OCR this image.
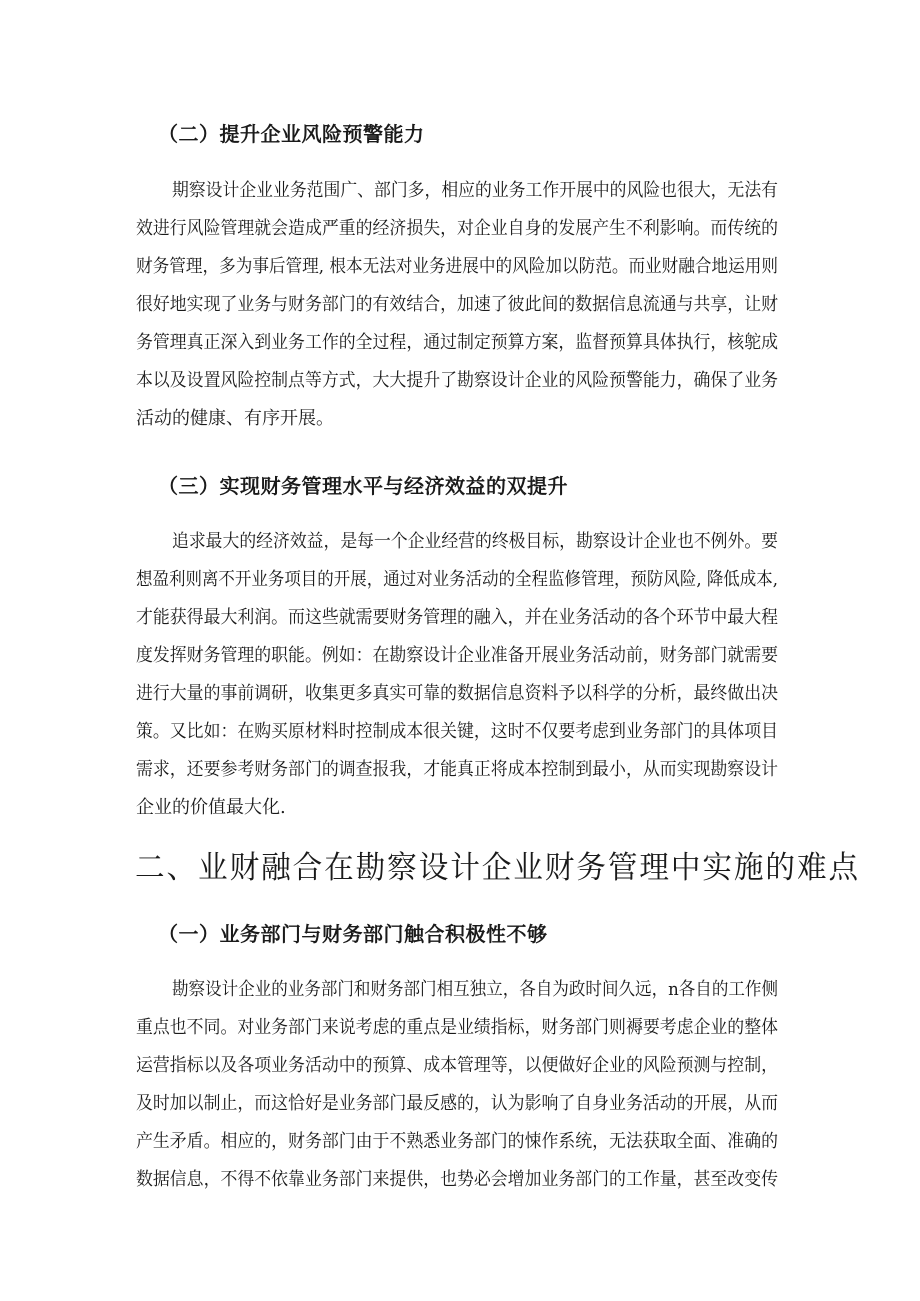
（二）提升企业风险预警能力
期察设计企业业务范围广、部门多，相应的业务工作开展中的风险也很大，无法有
效进行风险管理就会造成严重的经济损失，对企业自身的发展产生不利影响。而传统的
财务管理，多为事后管理, 根本无法对业务进展中的风险加以防范。而业财融合地运用则
很好地实现了业务与财务部门的有效结合，加速了彼此间的数据信息流通与共享，让财
务管理真正深入到业务工作的全过程，通过制定预算方案，监督预算具体执行，核鸵成
本以及设置风险控制点等方式，大大提升了勘察设计企业的风险预警能力，确保了业务
活动的健康、有序开展。
（三）实现财务管理水平与经济效益的双提升
追求最大的经济效益，是每一个企业经营的终极目标，勘察设计企业也不例外。要
想盈利则离不开业务项目的开展，通过对业务活动的全程监修管理，预防风险, 降低成本,
才能获得最大利润。而这些就需要财务管理的融入，并在业务活动的各个环节中最大程
度发挥财务管理的职能。例如：在勘察设计企业准备开展业务活动前，财务部门就需要
进行大量的事前调研，收集更多真实可靠的数据信息资料予以科学的分析，最终做出决
策。又比如：在购买原材料时控制成本很关键，这时不仅要考虑到业务部门的具体项目
需求，还要参考财务部门的调查报我，才能真正将成本控制到最小，从而实现勘察设计
企业的价值最大化.
二、业财融合在勘察设计企业财务管理中实施的难点
（一）业务部门与财务部门触合积极性不够
勘察设计企业的业务部门和财务部门相互独立，各自为政时间久远，n各自的工作侧
重点也不同。对业务部门来说考虑的重点是业绩指标，财务部门则褥要考虑企业的整体
运营指标以及各项业务活动中的预算、成本管理等，以便做好企业的风险预测与控制，
及时加以制止，而这恰好是业务部门最反感的，认为影响了自身业务活动的开展，从而
产生矛盾。相应的，财务部门由于不熟悉业务部门的悚作系统，无法获取全面、准确的
数据信息，不得不依靠业务部门来提供，也势必会增加业务部门的工作量，甚至改变传
